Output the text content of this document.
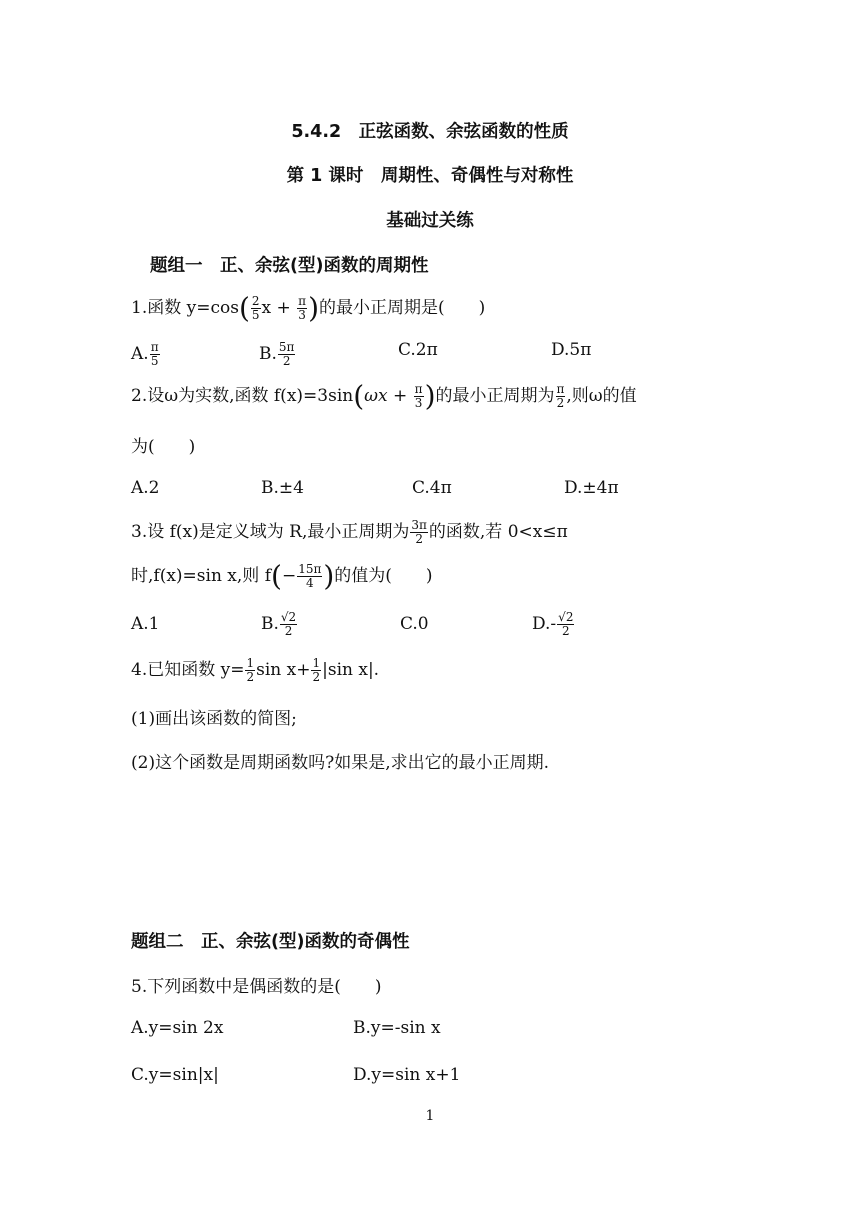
5.4.2　正弦函数、余弦函数的性质
第 1 课时　周期性、奇偶性与对称性
基础过关练
题组一　正、余弦(型)函数的周期性
1.函数 $y=\cos( \frac{2}{5}$ $x + \frac{\pi}{3}$ )的最小正周期是(　　)
A. $\frac{\pi}{5}$	B. $\frac{5\pi}{2}$	C.2π	D.5π
2.设ω为实数,函数 $f(x)=3\sin(\omega x + \frac{\pi}{3}$ )的最小正周期为 $\frac{\pi}{2}$ ,则ω的值
为(　　)
A.2	B.±4	C.4π	D.±4π
3.设 f(x)是定义域为 R,最小正周期为 $\frac{3\pi}{2}$ 的函数,若 0<x≤π
时,f(x)=sin x,则 $f(- \frac{15\pi}{4}$ )的值为(　　)
A.1	B. $\frac{√2}{2}$	C.0	$D.- \frac{√2}{2}$
4.已知函数 $y= \frac{1}{2}$ $\sin x+ \frac{1}{2} |\sin$ x|.
(1)画出该函数的简图;
(2)这个函数是周期函数吗?如果是,求出它的最小正周期.
题组二　正、余弦(型)函数的奇偶性
5.下列函数中是偶函数的是(　　)
A.y=sin 2x	B.y=-sin x
C.y=sin|x|	D.y=sin x+1
1
